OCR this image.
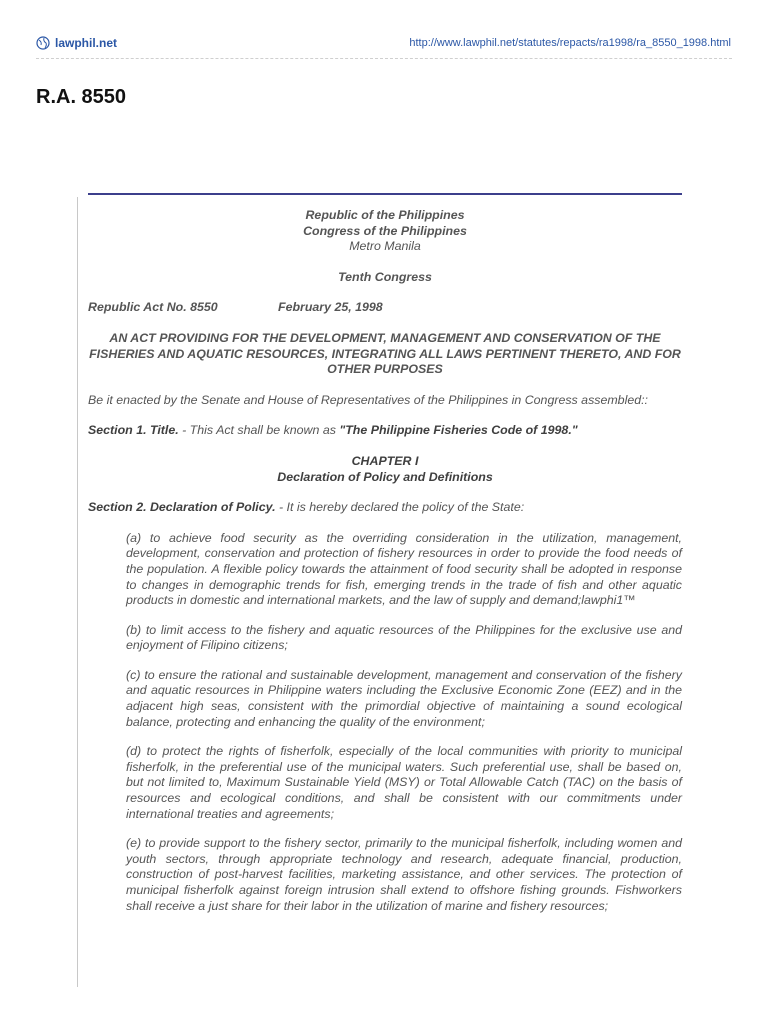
lawphil.net	http://www.lawphil.net/statutes/repacts/ra1998/ra_8550_1998.html
R.A. 8550

Republic of the Philippines

Congress of the Philippines

Metro Manila

Tenth Congress

Republic Act No. 8550	February 25, 1998

AN ACT PROVIDING FOR THE DEVELOPMENT, MANAGEMENT AND CONSERVATION OF THE FISHERIES AND AQUATIC RESOURCES, INTEGRATING ALL LAWS PERTINENT THERETO, AND FOR OTHER PURPOSES

Be it enacted by the Senate and House of Representatives of the Philippines in Congress assembled::

Section 1. Title. - This Act shall be known as "The Philippine Fisheries Code of 1998."

CHAPTER I

Declaration of Policy and Definitions

Section 2. Declaration of Policy. - It is hereby declared the policy of the State:

(a) to achieve food security as the overriding consideration in the utilization, management, development, conservation and protection of fishery resources in order to provide the food needs of the population. A flexible policy towards the attainment of food security shall be adopted in response to changes in demographic trends for fish, emerging trends in the trade of fish and other aquatic products in domestic and international markets, and the law of supply and demand;lawphi1™

(b) to limit access to the fishery and aquatic resources of the Philippines for the exclusive use and enjoyment of Filipino citizens;

(c) to ensure the rational and sustainable development, management and conservation of the fishery and aquatic resources in Philippine waters including the Exclusive Economic Zone (EEZ) and in the adjacent high seas, consistent with the primordial objective of maintaining a sound ecological balance, protecting and enhancing the quality of the environment;

(d) to protect the rights of fisherfolk, especially of the local communities with priority to municipal fisherfolk, in the preferential use of the municipal waters. Such preferential use, shall be based on, but not limited to, Maximum Sustainable Yield (MSY) or Total Allowable Catch (TAC) on the basis of resources and ecological conditions, and shall be consistent with our commitments under international treaties and agreements;

(e) to provide support to the fishery sector, primarily to the municipal fisherfolk, including women and youth sectors, through appropriate technology and research, adequate financial, production, construction of post-harvest facilities, marketing assistance, and other services. The protection of municipal fisherfolk against foreign intrusion shall extend to offshore fishing grounds. Fishworkers shall receive a just share for their labor in the utilization of marine and fishery resources;
